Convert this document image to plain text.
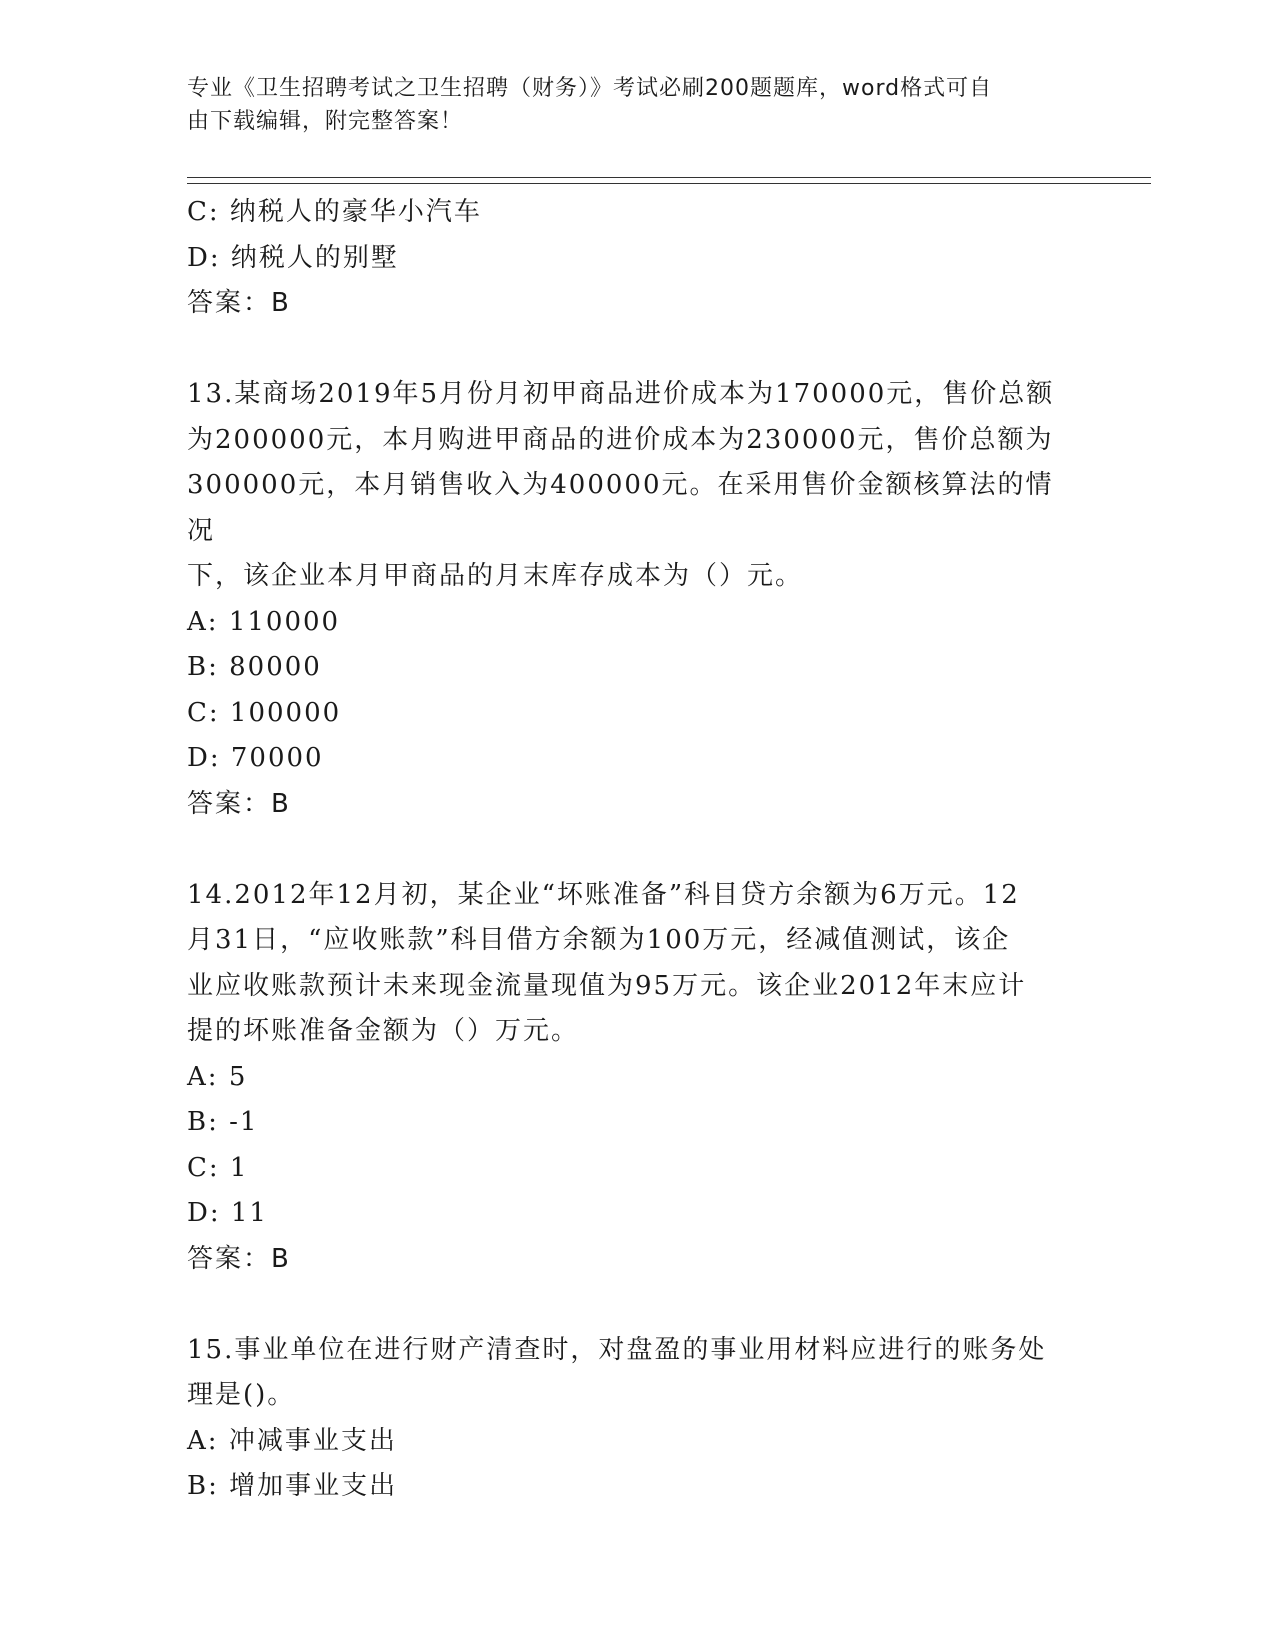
专业《卫生招聘考试之卫生招聘（财务）》考试必刷200题题库，word格式可自
由下载编辑，附完整答案！
C: 纳税人的豪华小汽车
D: 纳税人的别墅
答案：B
13.某商场2019年5月份月初甲商品进价成本为170000元，售价总额
为200000元，本月购进甲商品的进价成本为230000元，售价总额为
300000元，本月销售收入为400000元。在采用售价金额核算法的情况
下，该企业本月甲商品的月末库存成本为（）元。
A: 110000
B: 80000
C: 100000
D: 70000
答案：B
14.2012年12月初，某企业“坏账准备”科目贷方余额为6万元。12
月31日，“应收账款”科目借方余额为100万元，经减值测试，该企
业应收账款预计未来现金流量现值为95万元。该企业2012年末应计
提的坏账准备金额为（）万元。
A: 5
B: -1
C: 1
D: 11
答案：B
15.事业单位在进行财产清查时，对盘盈的事业用材料应进行的账务处
理是()。
A: 冲减事业支出
B: 增加事业支出
